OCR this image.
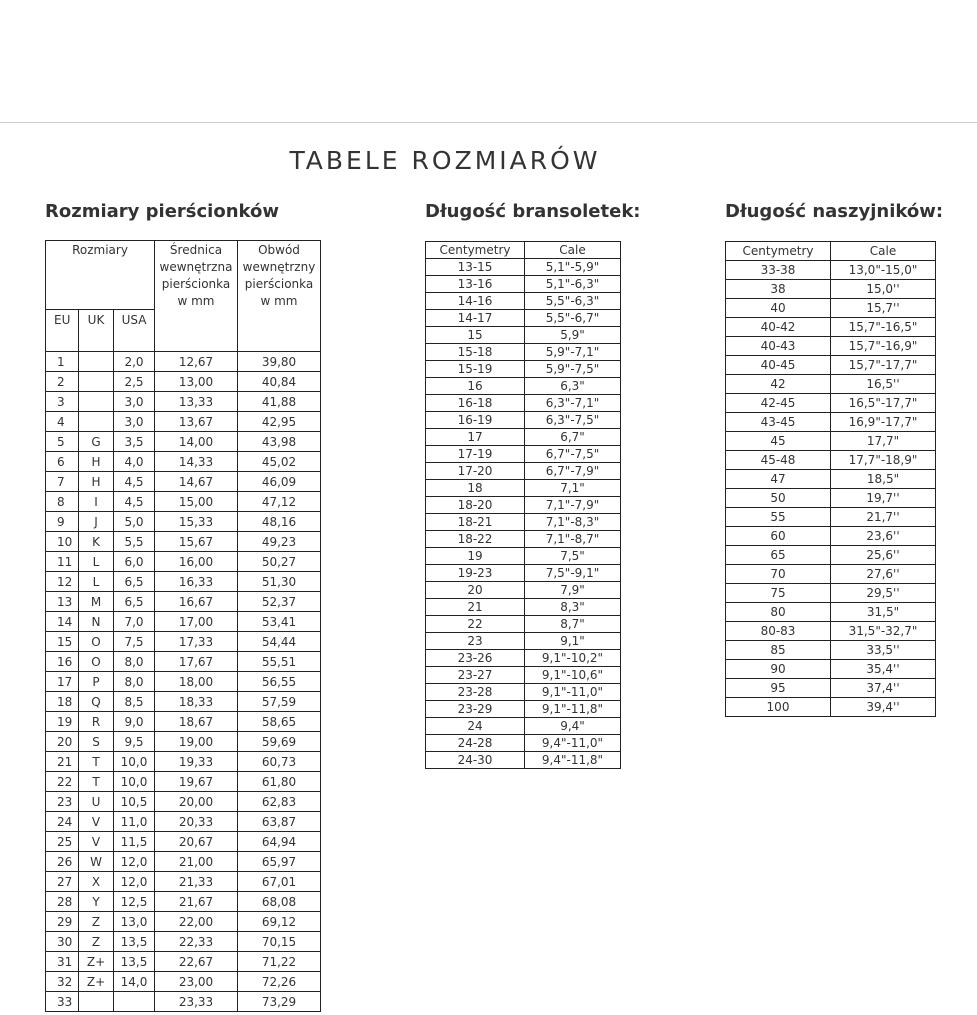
TABELE ROZMIARÓW
Rozmiary pierścionków	Długość bransoletek:	Długość naszyjników:
Rozmiary			Średnica wewnętrzna pierścionka w mm	Obwód wewnętrzny pierścionka w mm
EU	UK	USA		
1		2,0	12,67	39,80
2		2,5	13,00	40,84
3		3,0	13,33	41,88
4		3,0	13,67	42,95
5	G	3,5	14,00	43,98
6	H	4,0	14,33	45,02
7	H	4,5	14,67	46,09
8	I	4,5	15,00	47,12
9	J	5,0	15,33	48,16
10	K	5,5	15,67	49,23
11	L	6,0	16,00	50,27
12	L	6,5	16,33	51,30
13	M	6,5	16,67	52,37
14	N	7,0	17,00	53,41
15	O	7,5	17,33	54,44
16	O	8,0	17,67	55,51
17	P	8,0	18,00	56,55
18	Q	8,5	18,33	57,59
19	R	9,0	18,67	58,65
20	S	9,5	19,00	59,69
21	T	10,0	19,33	60,73
22	T	10,0	19,67	61,80
23	U	10,5	20,00	62,83
24	V	11,0	20,33	63,87
25	V	11,5	20,67	64,94
26	W	12,0	21,00	65,97
27	X	12,0	21,33	67,01
28	Y	12,5	21,67	68,08
29	Z	13,0	22,00	69,12
30	Z	13,5	22,33	70,15
31	Z+	13,5	22,67	71,22
32	Z+	14,0	23,00	72,26
33			23,33	73,29
Centymetry	Cale
13-15	5,1"-5,9"
13-16	5,1"-6,3"
14-16	5,5"-6,3"
14-17	5,5"-6,7"
15	5,9"
15-18	5,9"-7,1"
15-19	5,9"-7,5"
16	6,3"
16-18	6,3"-7,1"
16-19	6,3"-7,5"
17	6,7"
17-19	6,7"-7,5"
17-20	6,7"-7,9"
18	7,1"
18-20	7,1"-7,9"
18-21	7,1"-8,3"
18-22	7,1"-8,7"
19	7,5"
19-23	7,5"-9,1"
20	7,9"
21	8,3"
22	8,7"
23	9,1"
23-26	9,1"-10,2"
23-27	9,1"-10,6"
23-28	9,1"-11,0"
23-29	9,1"-11,8"
24	9,4"
24-28	9,4"-11,0"
24-30	9,4"-11,8"
Centymetry	Cale
33-38	13,0"-15,0"
38	15,0''
40	15,7''
40-42	15,7"-16,5"
40-43	15,7"-16,9"
40-45	15,7"-17,7"
42	16,5''
42-45	16,5"-17,7"
43-45	16,9"-17,7"
45	17,7"
45-48	17,7"-18,9"
47	18,5"
50	19,7''
55	21,7''
60	23,6''
65	25,6''
70	27,6''
75	29,5''
80	31,5"
80-83	31,5"-32,7"
85	33,5''
90	35,4''
95	37,4''
100	39,4''
